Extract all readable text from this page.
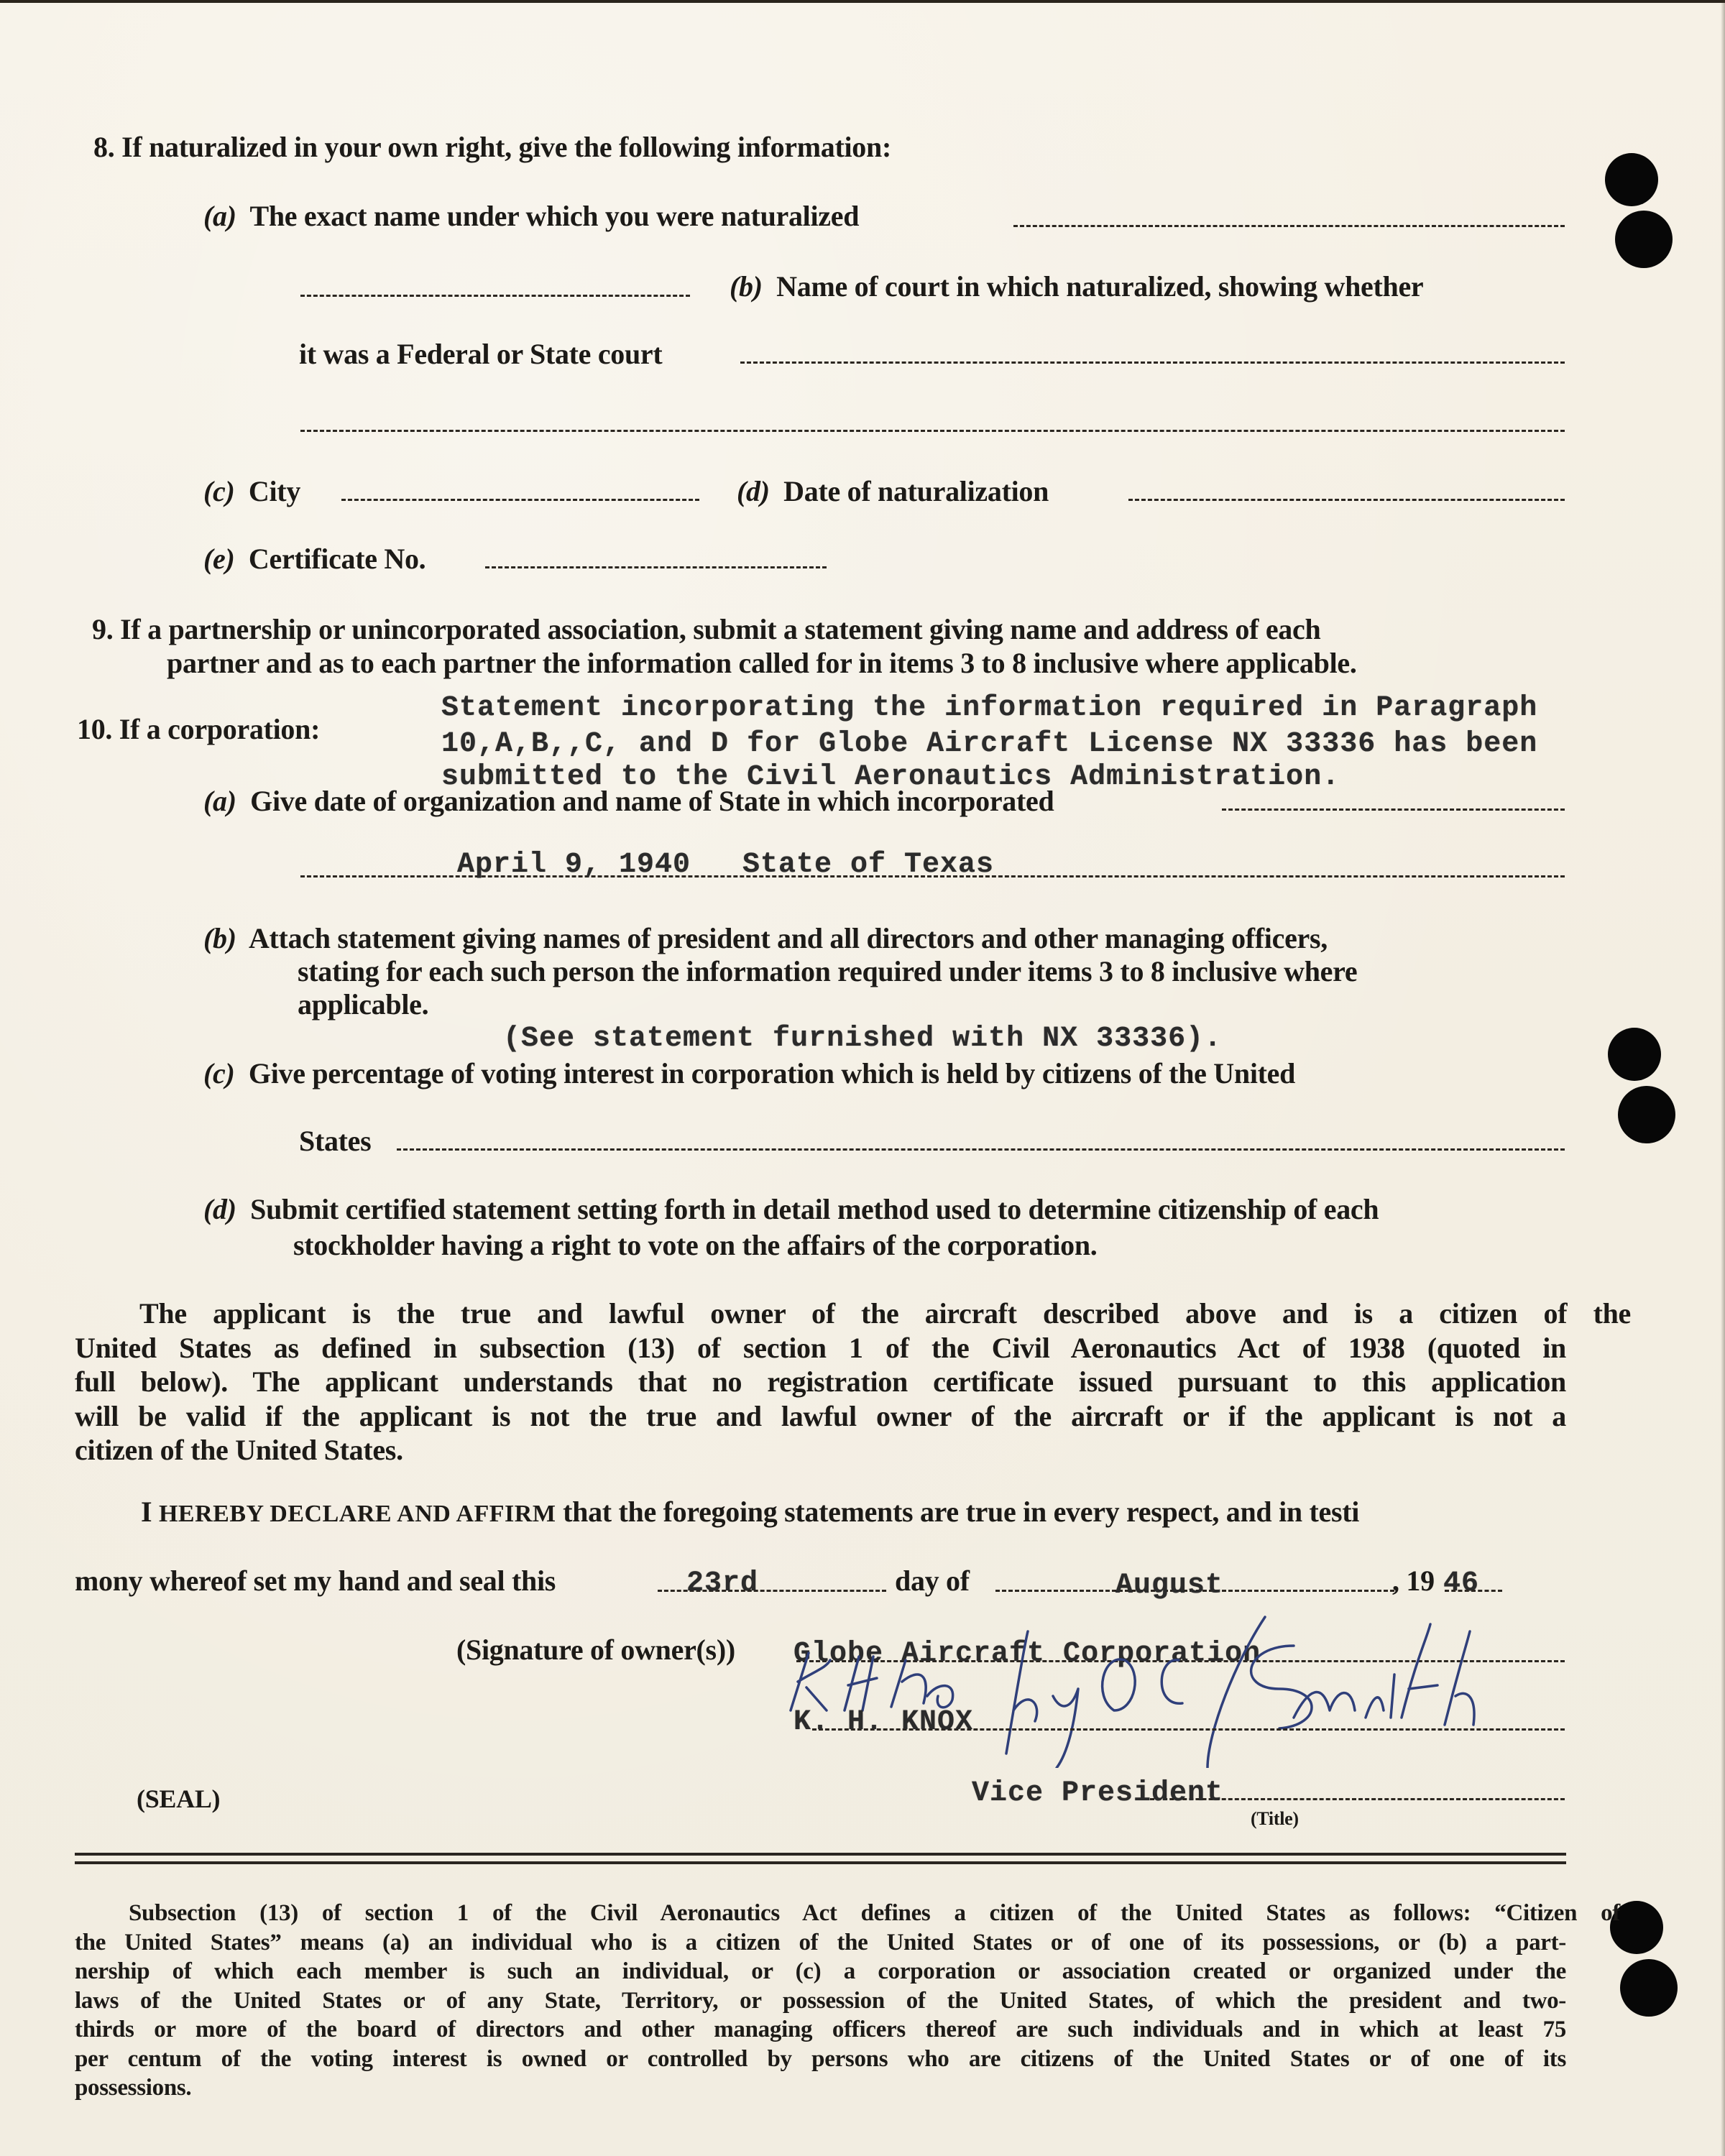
8. If naturalized in your own right, give the following information:
(a) The exact name under which you were naturalized
(b) Name of court in which naturalized, showing whether
it was a Federal or State court
(c) City	(d) Date of naturalization
(e) Certificate No.
9. If a partnership or unincorporated association, submit a statement giving name and address of each
partner and as to each partner the information called for in items 3 to 8 inclusive where applicable.
10. If a corporation:
Statement incorporating the information required in Paragraph
10,A,B,,C, and D for Globe Aircraft License NX 33336 has been
submitted to the Civil Aeronautics Administration.
(a) Give date of organization and name of State in which incorporated
April 9, 1940 State of Texas
(b) Attach statement giving names of president and all directors and other managing officers,
stating for each such person the information required under items 3 to 8 inclusive where
applicable.
(See statement furnished with NX 33336).
(c) Give percentage of voting interest in corporation which is held by citizens of the United
States
(d) Submit certified statement setting forth in detail method used to determine citizenship of each
stockholder having a right to vote on the affairs of the corporation.
The applicant is the true and lawful owner of the aircraft described above and is a citizen of the
United States as defined in subsection (13) of section 1 of the Civil Aeronautics Act of 1938 (quoted in
full below). The applicant understands that no registration certificate issued pursuant to this application
will be valid if the applicant is not the true and lawful owner of the aircraft or if the applicant is not a
citizen of the United States.
I HEREBY DECLARE AND AFFIRM that the foregoing statements are true in every respect, and in testi
mony whereof set my hand and seal this	23rd	day of	August	, 19 46
(Signature of owner(s)) Globe Aircraft Corporation
K. H. KNOX
(SEAL)	Vice President
(Title)
Subsection (13) of section 1 of the Civil Aeronautics Act defines a citizen of the United States as follows: “Citizen of
the United States” means (a) an individual who is a citizen of the United States or of one of its possessions, or (b) a part-
nership of which each member is such an individual, or (c) a corporation or association created or organized under the
laws of the United States or of any State, Territory, or possession of the United States, of which the president and two-
thirds or more of the board of directors and other managing officers thereof are such individuals and in which at least 75
per centum of the voting interest is owned or controlled by persons who are citizens of the United States or of one of its
possessions.
